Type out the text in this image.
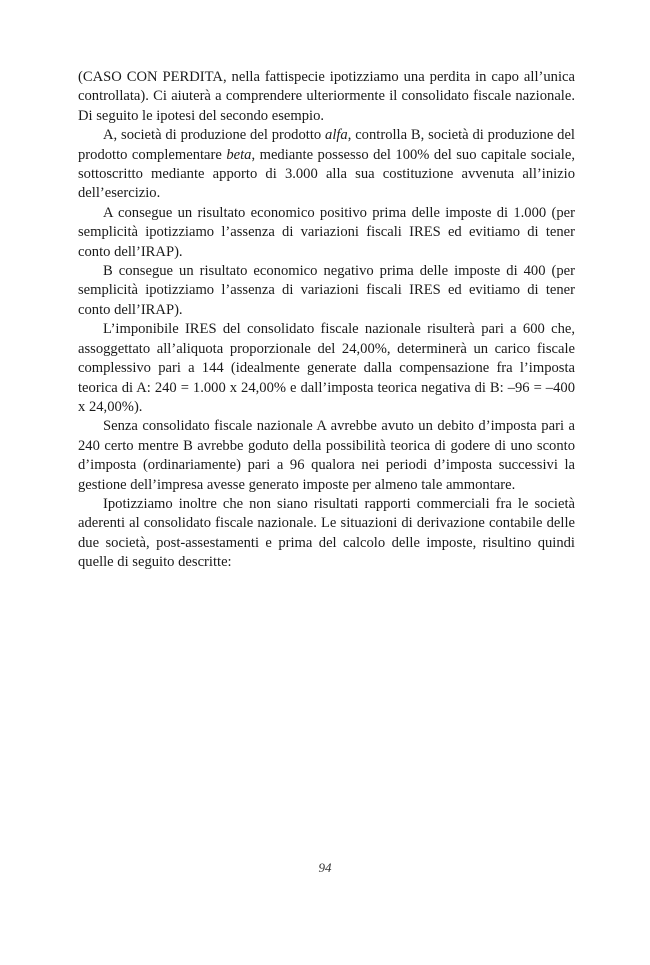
(CASO CON PERDITA, nella fattispecie ipotizziamo una perdita in capo all’unica controllata). Ci aiuterà a comprendere ulteriormente il consolidato fiscale nazionale. Di seguito le ipotesi del secondo esempio.

A, società di produzione del prodotto alfa, controlla B, società di produzione del prodotto complementare beta, mediante possesso del 100% del suo capitale sociale, sottoscritto mediante apporto di 3.000 alla sua costituzione avvenuta all’inizio dell’esercizio.

A consegue un risultato economico positivo prima delle imposte di 1.000 (per semplicità ipotizziamo l’assenza di variazioni fiscali IRES ed evitiamo di tener conto dell’IRAP).

B consegue un risultato economico negativo prima delle imposte di 400 (per semplicità ipotizziamo l’assenza di variazioni fiscali IRES ed evitiamo di tener conto dell’IRAP).

L’imponibile IRES del consolidato fiscale nazionale risulterà pari a 600 che, assoggettato all’aliquota proporzionale del 24,00%, determinerà un carico fiscale complessivo pari a 144 (idealmente generate dalla compensazione fra l’imposta teorica di A: 240 = 1.000 x 24,00% e dall’imposta teorica negativa di B: –96 = –400 x 24,00%).

Senza consolidato fiscale nazionale A avrebbe avuto un debito d’imposta pari a 240 certo mentre B avrebbe goduto della possibilità teorica di godere di uno sconto d’imposta (ordinariamente) pari a 96 qualora nei periodi d’imposta successivi la gestione dell’impresa avesse generato imposte per almeno tale ammontare.

Ipotizziamo inoltre che non siano risultati rapporti commerciali fra le società aderenti al consolidato fiscale nazionale. Le situazioni di derivazione contabile delle due società, post-assestamenti e prima del calcolo delle imposte, risultino quindi quelle di seguito descritte:

94
